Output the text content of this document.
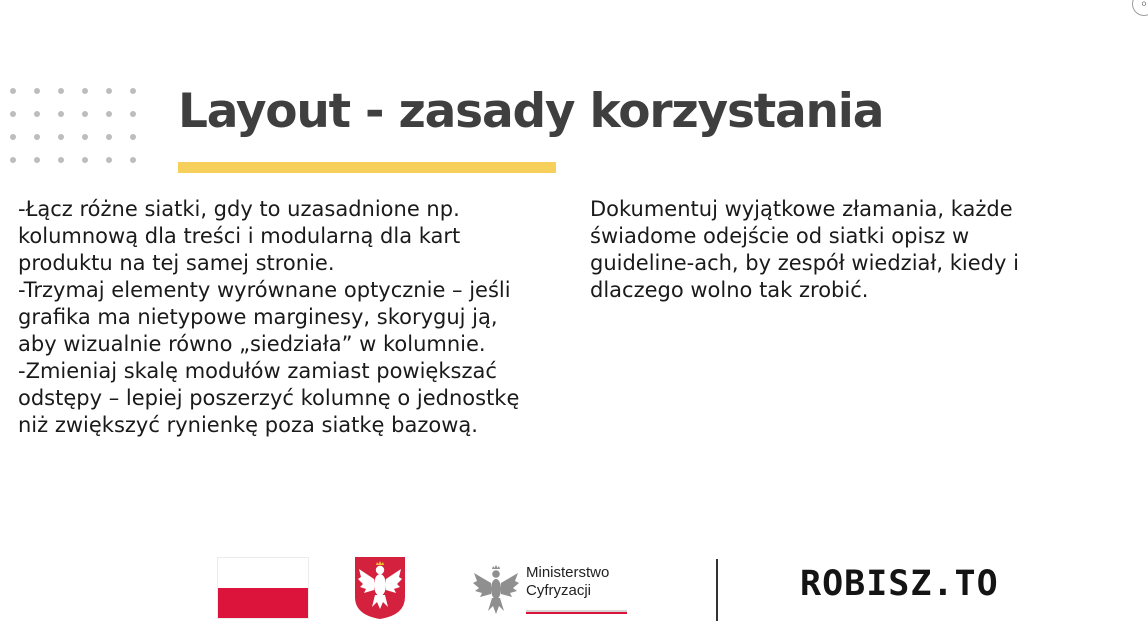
Layout - zasady korzystania

-Łącz różne siatki, gdy to uzasadnione np. kolumnową dla treści i modularną dla kart produktu na tej samej stronie.

-Trzymaj elementy wyrównane optycznie – jeśli grafika ma nietypowe marginesy, skoryguj ją, aby wizualnie równo „siedziała” w kolumnie.

-Zmieniaj skalę modułów zamiast powiększać odstępy – lepiej poszerzyć kolumnę o jednostkę niż zwiększyć rynienkę poza siatkę bazową.

Dokumentuj wyjątkowe złamania, każde świadome odejście od siatki opisz w guideline-ach, by zespół wiedział, kiedy i dlaczego wolno tak zrobić.

o
Ministerstwo
Cyfryzacji	ROBISZ.TO
